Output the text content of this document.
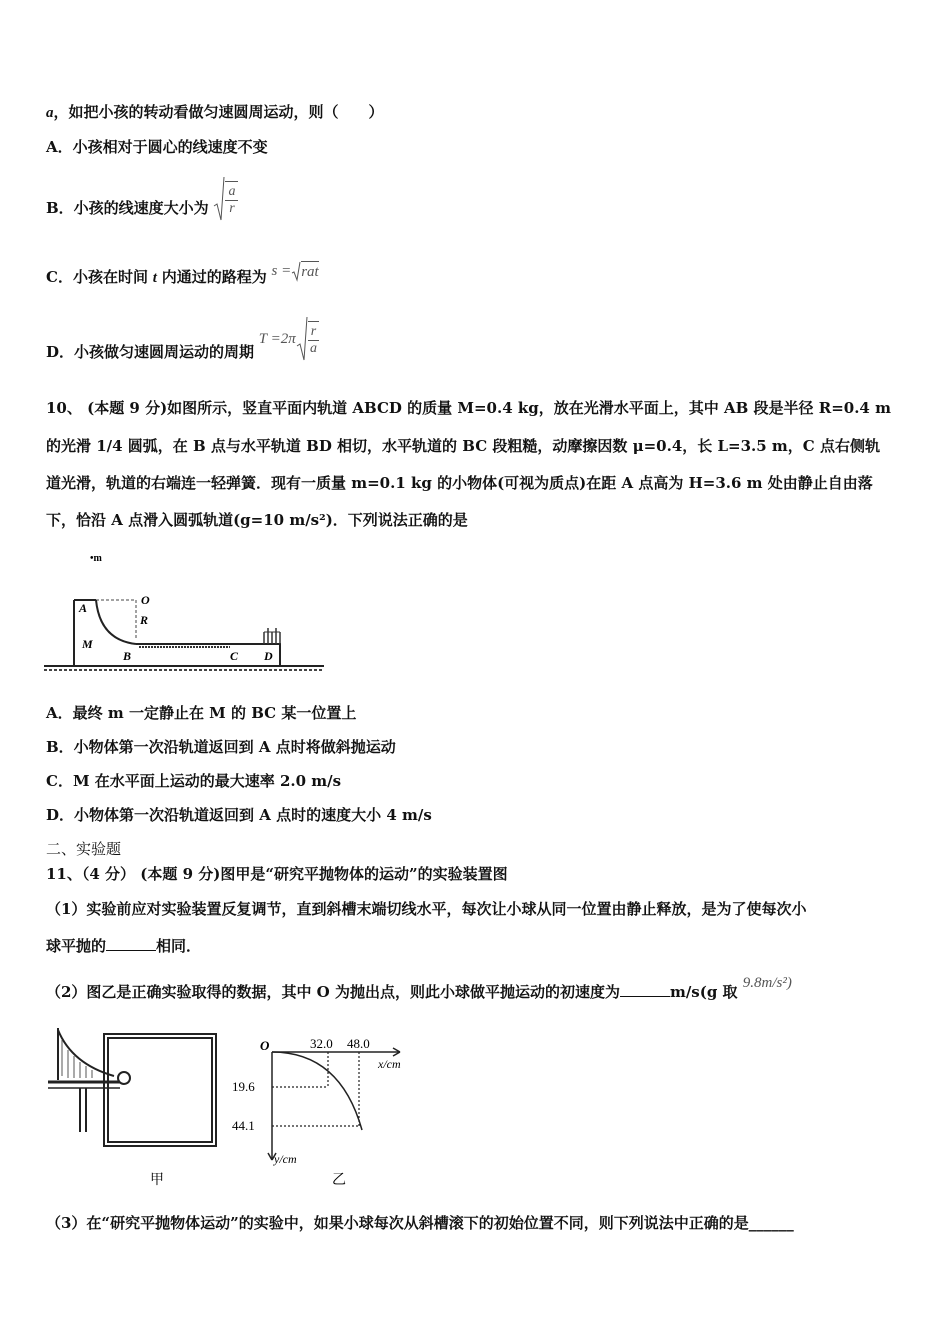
a，如把小孩的转动看做匀速圆周运动，则（　　）
A．小孩相对于圆心的线速度不变
B．小孩的线速度大小为 $\frac{a}{r}$
C．小孩在时间 t 内通过的路程为 s = rat
D．小孩做匀速圆周运动的周期
$T =2\pi \frac{r}{a}$
10、 (本题 9 分)如图所示，竖直平面内轨道 ABCD 的质量 M=0.4 kg，放在光滑水平面上，其中 AB 段是半径 R=0.4 m
的光滑 1/4 圆弧，在 B 点与水平轨道 BD 相切，水平轨道的 BC 段粗糙，动摩擦因数 μ=0.4，长 L=3.5 m，C 点右侧轨
道光滑，轨道的右端连一轻弹簧．现有一质量 m=0.1 kg 的小物体(可视为质点)在距 A 点高为 H=3.6 m 处由静止自由落
下，恰沿 A 点滑入圆弧轨道(g=10 m/s²)．下列说法正确的是
•m
A
O
R
M
B	C D
A．最终 m 一定静止在 M 的 BC 某一位置上
B．小物体第一次沿轨道返回到 A 点时将做斜抛运动
C．M 在水平面上运动的最大速率 2.0 m/s
D．小物体第一次沿轨道返回到 A 点时的速度大小 4 m/s
二、实验题
11、（4 分） (本题 9 分)图甲是“研究平抛物体的运动”的实验装置图
（1）实验前应对实验装置反复调节，直到斜槽末端切线水平，每次让小球从同一位置由静止释放，是为了使每次小
球平抛的	相同．
（2）图乙是正确实验取得的数据，其中 O 为抛出点，则此小球做平抛运动的初速度为	m/s(g 取 9.8m/s²)
甲
O	32.0 48.0
x/cm
19.6
44.1
y/cm
乙
（3）在“研究平抛物体运动”的实验中，如果小球每次从斜槽滚下的初始位置不同，则下列说法中正确的是______
